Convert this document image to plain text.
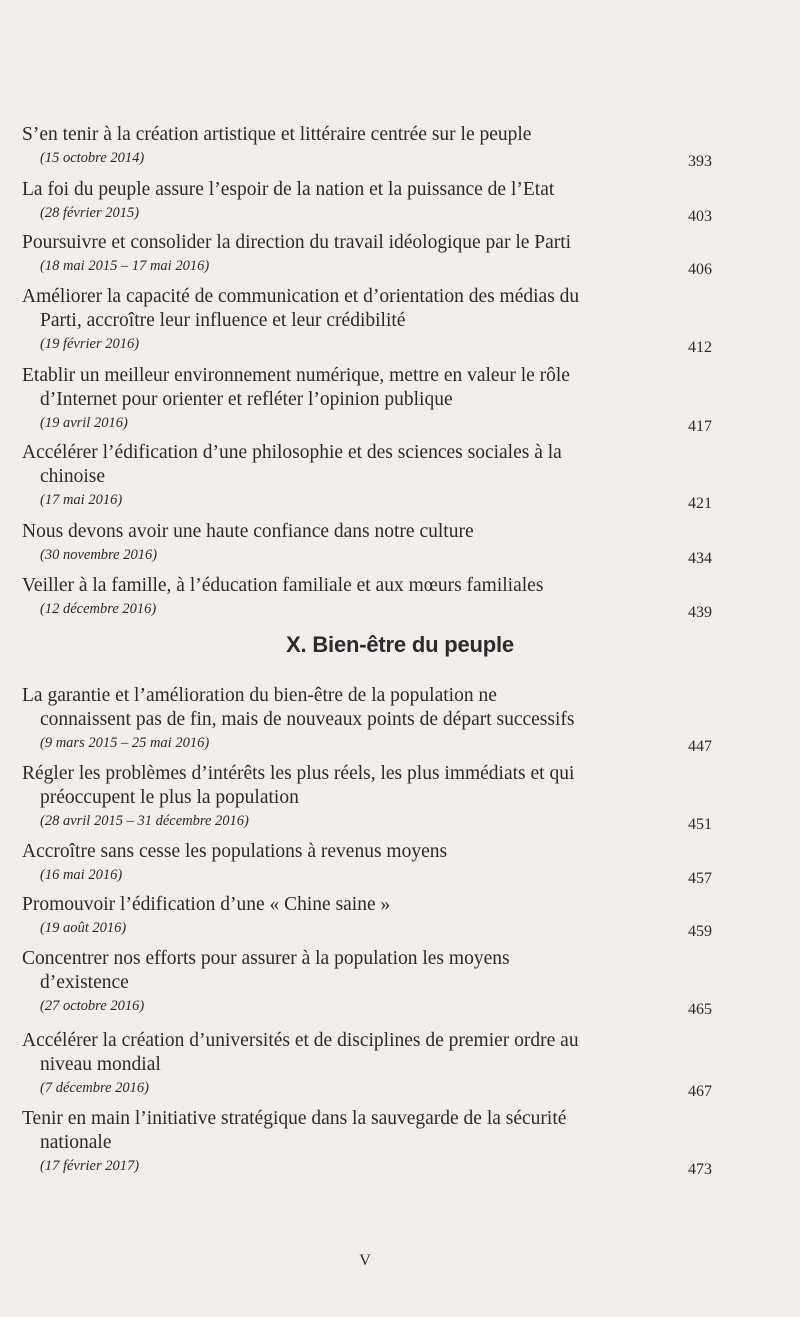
S’en tenir à la création artistique et littéraire centrée sur le peuple
(15 octobre 2014)	393
La foi du peuple assure l’espoir de la nation et la puissance de l’Etat
(28 février 2015)	403
Poursuivre et consolider la direction du travail idéologique par le Parti
(18 mai 2015 – 17 mai 2016)	406
Améliorer la capacité de communication et d’orientation des médias du
Parti, accroître leur influence et leur crédibilité
(19 février 2016)	412
Etablir un meilleur environnement numérique, mettre en valeur le rôle
d’Internet pour orienter et refléter l’opinion publique
(19 avril 2016)	417
Accélérer l’édification d’une philosophie et des sciences sociales à la
chinoise
(17 mai 2016)	421
Nous devons avoir une haute confiance dans notre culture
(30 novembre 2016)	434
Veiller à la famille, à l’éducation familiale et aux mœurs familiales
(12 décembre 2016)	439
X. Bien-être du peuple
La garantie et l’amélioration du bien-être de la population ne
connaissent pas de fin, mais de nouveaux points de départ successifs
(9 mars 2015 – 25 mai 2016)	447
Régler les problèmes d’intérêts les plus réels, les plus immédiats et qui
préoccupent le plus la population
(28 avril 2015 – 31 décembre 2016)	451
Accroître sans cesse les populations à revenus moyens
(16 mai 2016)	457
Promouvoir l’édification d’une « Chine saine »
(19 août 2016)	459
Concentrer nos efforts pour assurer à la population les moyens
d’existence
(27 octobre 2016)	465
Accélérer la création d’universités et de disciplines de premier ordre au
niveau mondial
(7 décembre 2016)	467
Tenir en main l’initiative stratégique dans la sauvegarde de la sécurité
nationale
(17 février 2017)	473
V
